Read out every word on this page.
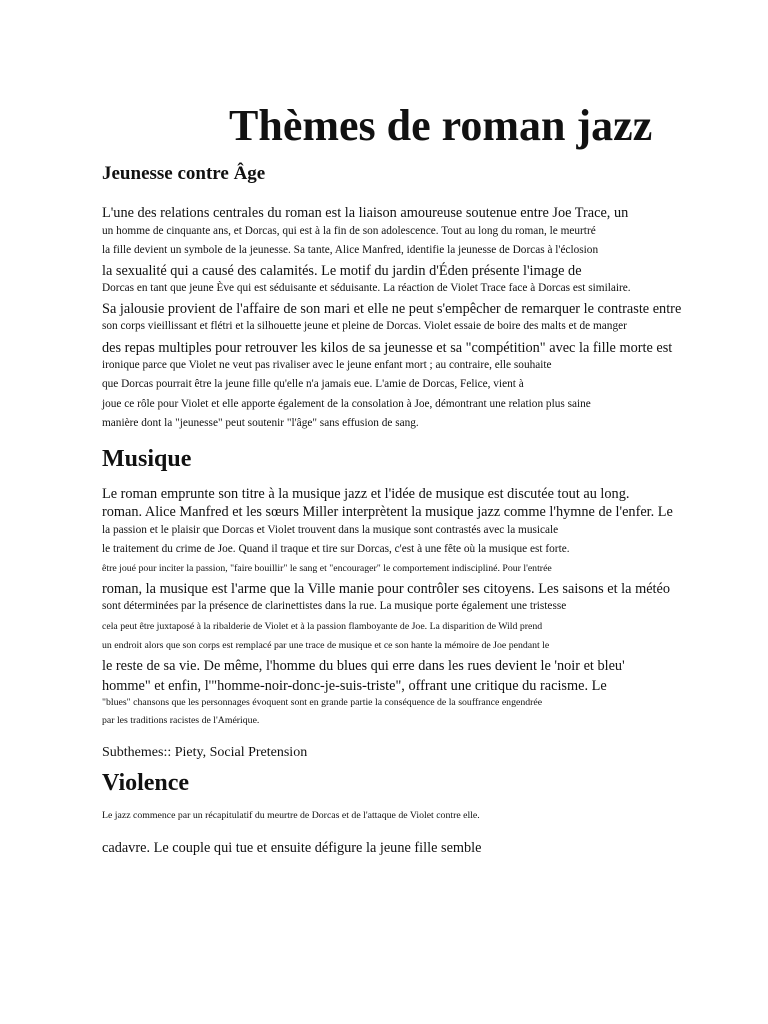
Thèmes de roman jazz
Jeunesse contre Âge
L'une des relations centrales du roman est la liaison amoureuse soutenue entre Joe Trace, un
un homme de cinquante ans, et Dorcas, qui est à la fin de son adolescence. Tout au long du roman, le meurtré
la fille devient un symbole de la jeunesse. Sa tante, Alice Manfred, identifie la jeunesse de Dorcas à l'éclosion
la sexualité qui a causé des calamités. Le motif du jardin d'Éden présente l'image de
Dorcas en tant que jeune Ève qui est séduisante et séduisante. La réaction de Violet Trace face à Dorcas est similaire.
Sa jalousie provient de l'affaire de son mari et elle ne peut s'empêcher de remarquer le contraste entre
son corps vieillissant et flétri et la silhouette jeune et pleine de Dorcas. Violet essaie de boire des malts et de manger
des repas multiples pour retrouver les kilos de sa jeunesse et sa "compétition" avec la fille morte est
ironique parce que Violet ne veut pas rivaliser avec le jeune enfant mort ; au contraire, elle souhaite
que Dorcas pourrait être la jeune fille qu'elle n'a jamais eue. L'amie de Dorcas, Felice, vient à
joue ce rôle pour Violet et elle apporte également de la consolation à Joe, démontrant une relation plus saine
manière dont la "jeunesse" peut soutenir "l'âge" sans effusion de sang.
Musique
Le roman emprunte son titre à la musique jazz et l'idée de musique est discutée tout au long.
roman. Alice Manfred et les sœurs Miller interprètent la musique jazz comme l'hymne de l'enfer. Le
la passion et le plaisir que Dorcas et Violet trouvent dans la musique sont contrastés avec la musicale
le traitement du crime de Joe. Quand il traque et tire sur Dorcas, c'est à une fête où la musique est forte.
être joué pour inciter la passion, "faire bouillir" le sang et "encourager" le comportement indiscipliné. Pour l'entrée
roman, la musique est l'arme que la Ville manie pour contrôler ses citoyens. Les saisons et la météo
sont déterminées par la présence de clarinettistes dans la rue. La musique porte également une tristesse
cela peut être juxtaposé à la ribalderie de Violet et à la passion flamboyante de Joe. La disparition de Wild prend
un endroit alors que son corps est remplacé par une trace de musique et ce son hante la mémoire de Joe pendant le
le reste de sa vie. De même, l'homme du blues qui erre dans les rues devient le 'noir et bleu'
homme" et enfin, l'"homme-noir-donc-je-suis-triste", offrant une critique du racisme. Le
"blues" chansons que les personnages évoquent sont en grande partie la conséquence de la souffrance engendrée
par les traditions racistes de l'Amérique.
Subthemes:: Piety, Social Pretension
Violence
Le jazz commence par un récapitulatif du meurtre de Dorcas et de l'attaque de Violet contre elle.
cadavre. Le couple qui tue et ensuite défigure la jeune fille semble
